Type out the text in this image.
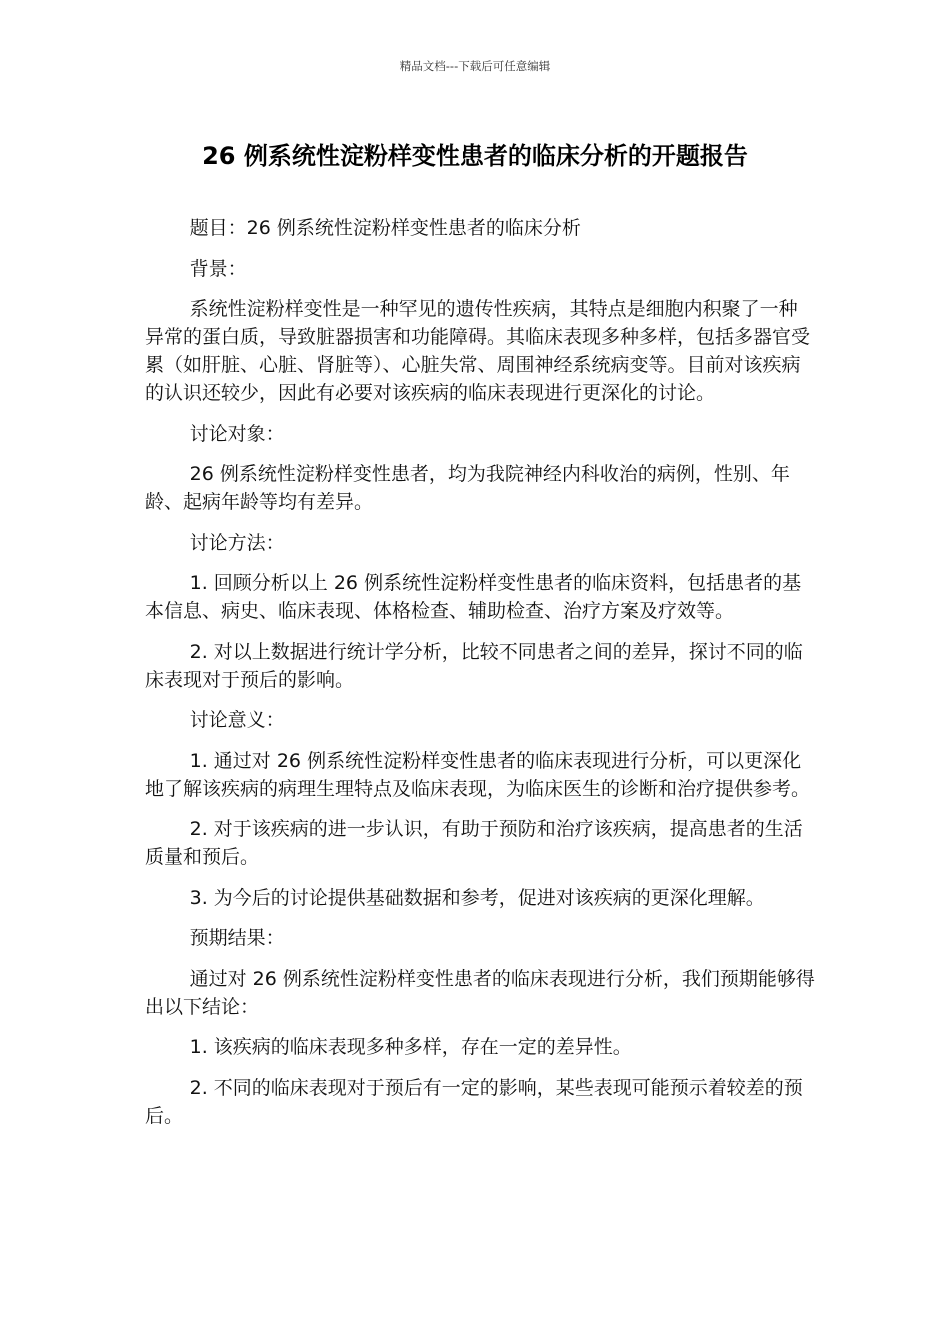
精品文档---下载后可任意编辑
26 例系统性淀粉样变性患者的临床分析的开题报告

题目：26 例系统性淀粉样变性患者的临床分析

背景：

系统性淀粉样变性是一种罕见的遗传性疾病，其特点是细胞内积聚了一种异常的蛋白质，导致脏器损害和功能障碍。其临床表现多种多样，包括多器官受累（如肝脏、心脏、肾脏等）、心脏失常、周围神经系统病变等。目前对该疾病的认识还较少，因此有必要对该疾病的临床表现进行更深化的讨论。

讨论对象：

26 例系统性淀粉样变性患者，均为我院神经内科收治的病例，性别、年龄、起病年龄等均有差异。

讨论方法：

1. 回顾分析以上 26 例系统性淀粉样变性患者的临床资料，包括患者的基本信息、病史、临床表现、体格检查、辅助检查、治疗方案及疗效等。

2. 对以上数据进行统计学分析，比较不同患者之间的差异，探讨不同的临床表现对于预后的影响。

讨论意义：

1. 通过对 26 例系统性淀粉样变性患者的临床表现进行分析，可以更深化地了解该疾病的病理生理特点及临床表现，为临床医生的诊断和治疗提供参考。

2. 对于该疾病的进一步认识，有助于预防和治疗该疾病，提高患者的生活质量和预后。

3. 为今后的讨论提供基础数据和参考，促进对该疾病的更深化理解。

预期结果：

通过对 26 例系统性淀粉样变性患者的临床表现进行分析，我们预期能够得出以下结论：

1. 该疾病的临床表现多种多样，存在一定的差异性。

2. 不同的临床表现对于预后有一定的影响，某些表现可能预示着较差的预后。
